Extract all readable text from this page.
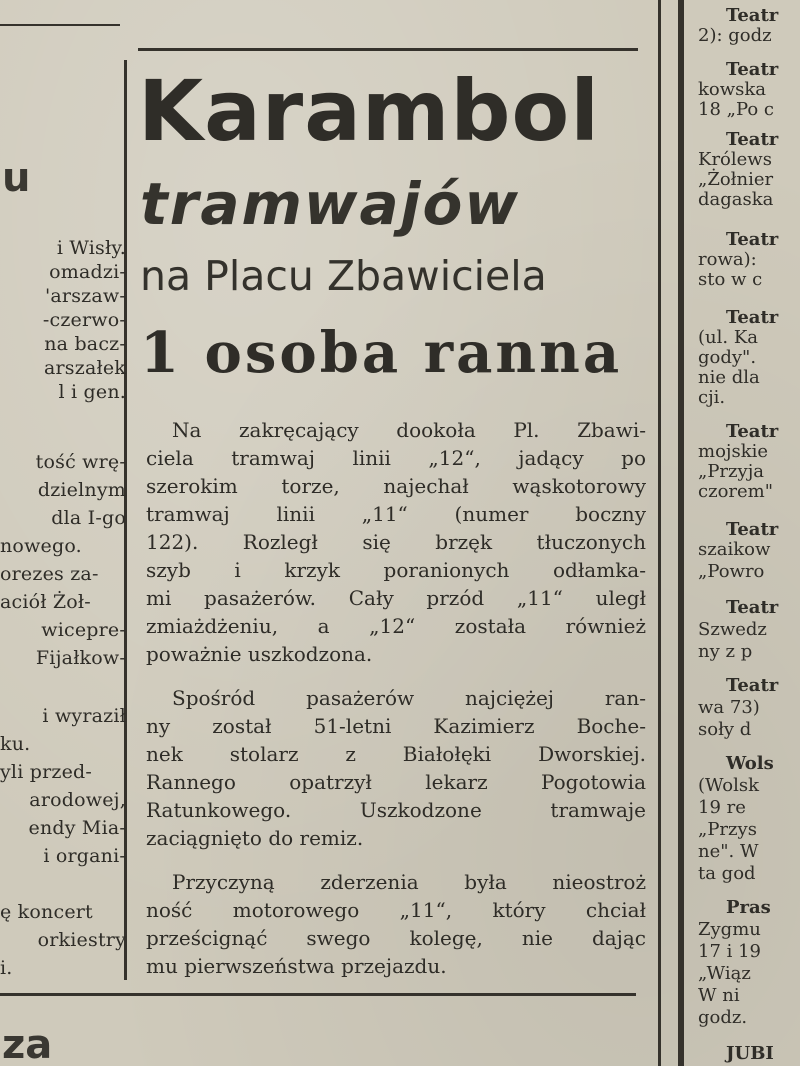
u
i Wisły.
omadzi-
'arszaw-
-czerwo-
na bacz-
arszałek
l i gen.
tość wrę-
dzielnym
dla I-go
nowego.
orezes za-
aciół Żoł-
wicepre-
Fijałkow-
i wyraził
ku.
yli przed-
arodowej,
endy Mia-
i organi-
ę koncert
orkiestry
i.
za
Karambol
tramwajów
na Placu Zbawiciela
1 osoba ranna
Na zakręcający dookoła Pl. Zbawi-
ciela tramwaj linii „12“, jadący po
szerokim torze, najechał wąskotorowy
tramwaj linii „11“ (numer boczny
122). Rozległ się brzęk tłuczonych
szyb i krzyk poranionych odłamka-
mi pasażerów. Cały przód „11“ uległ
zmiażdżeniu, a „12“ została również
poważnie uszkodzona.
Spośród pasażerów najciężej ran-
ny został 51-letni Kazimierz Boche-
nek stolarz z Białołęki Dworskiej.
Rannego opatrzył lekarz Pogotowia
Ratunkowego. Uszkodzone tramwaje
zaciągnięto do remiz.
Przyczyną zderzenia była nieostroż
ność motorowego „11“, który chciał
prześcignąć swego kolegę, nie dając
mu pierwszeństwa przejazdu.
Teatr
2): godz
Teatr
kowska
18 „Po c
Teatr
Królews
„Żołnier
dagaska
Teatr
rowa):
sto w c
Teatr
(ul. Ka
gody".
nie dla
cji.
Teatr
mojskie
„Przyja
czorem"
Teatr
szaikow
„Powro
Teatr
Szwedz
ny z p
Teatr
wa 73)
soły d
Wols
(Wolsk
19 re
„Przys
ne". W
ta god
Pras
Zygmu
17 i 19
„Wiąz
W ni
godz.
JUBI
